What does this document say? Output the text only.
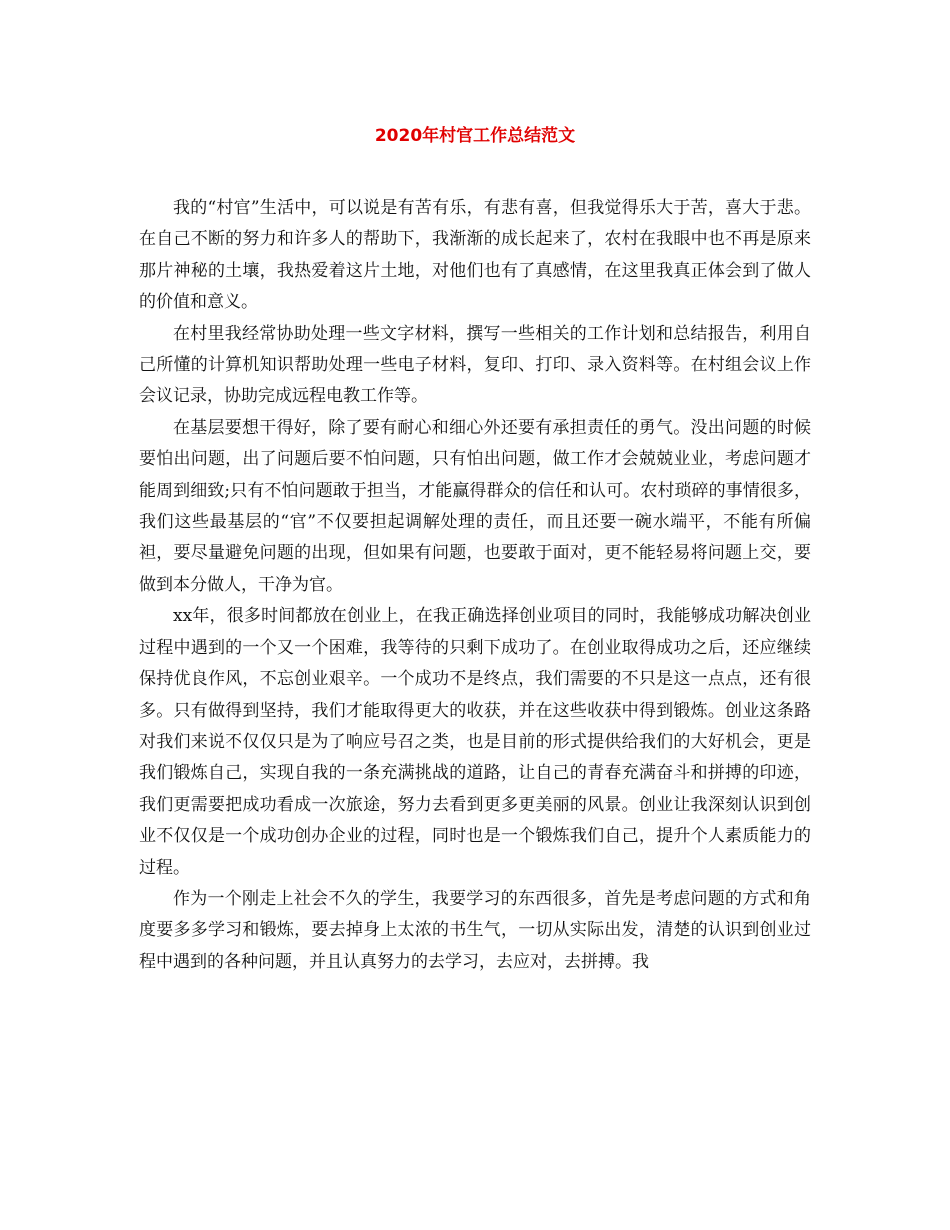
2020年村官工作总结范文

我的“村官”生活中，可以说是有苦有乐，有悲有喜，但我觉得乐大于苦，喜大于悲。在自己不断的努力和许多人的帮助下，我渐渐的成长起来了，农村在我眼中也不再是原来那片神秘的土壤，我热爱着这片土地，对他们也有了真感情，在这里我真正体会到了做人的价值和意义。

在村里我经常协助处理一些文字材料，撰写一些相关的工作计划和总结报告，利用自己所懂的计算机知识帮助处理一些电子材料，复印、打印、录入资料等。在村组会议上作会议记录，协助完成远程电教工作等。

在基层要想干得好，除了要有耐心和细心外还要有承担责任的勇气。没出问题的时候要怕出问题，出了问题后要不怕问题，只有怕出问题，做工作才会兢兢业业，考虑问题才能周到细致;只有不怕问题敢于担当，才能赢得群众的信任和认可。农村琐碎的事情很多，我们这些最基层的“官”不仅要担起调解处理的责任，而且还要一碗水端平，不能有所偏袒，要尽量避免问题的出现，但如果有问题，也要敢于面对，更不能轻易将问题上交，要做到本分做人，干净为官。

xx年，很多时间都放在创业上，在我正确选择创业项目的同时，我能够成功解决创业过程中遇到的一个又一个困难，我等待的只剩下成功了。在创业取得成功之后，还应继续保持优良作风，不忘创业艰辛。一个成功不是终点，我们需要的不只是这一点点，还有很多。只有做得到坚持，我们才能取得更大的收获，并在这些收获中得到锻炼。创业这条路对我们来说不仅仅只是为了响应号召之类，也是目前的形式提供给我们的大好机会，更是我们锻炼自己，实现自我的一条充满挑战的道路，让自己的青春充满奋斗和拼搏的印迹，我们更需要把成功看成一次旅途，努力去看到更多更美丽的风景。创业让我深刻认识到创业不仅仅是一个成功创办企业的过程，同时也是一个锻炼我们自己，提升个人素质能力的过程。

作为一个刚走上社会不久的学生，我要学习的东西很多，首先是考虑问题的方式和角度要多多学习和锻炼，要去掉身上太浓的书生气，一切从实际出发，清楚的认识到创业过程中遇到的各种问题，并且认真努力的去学习，去应对，去拼搏。我
